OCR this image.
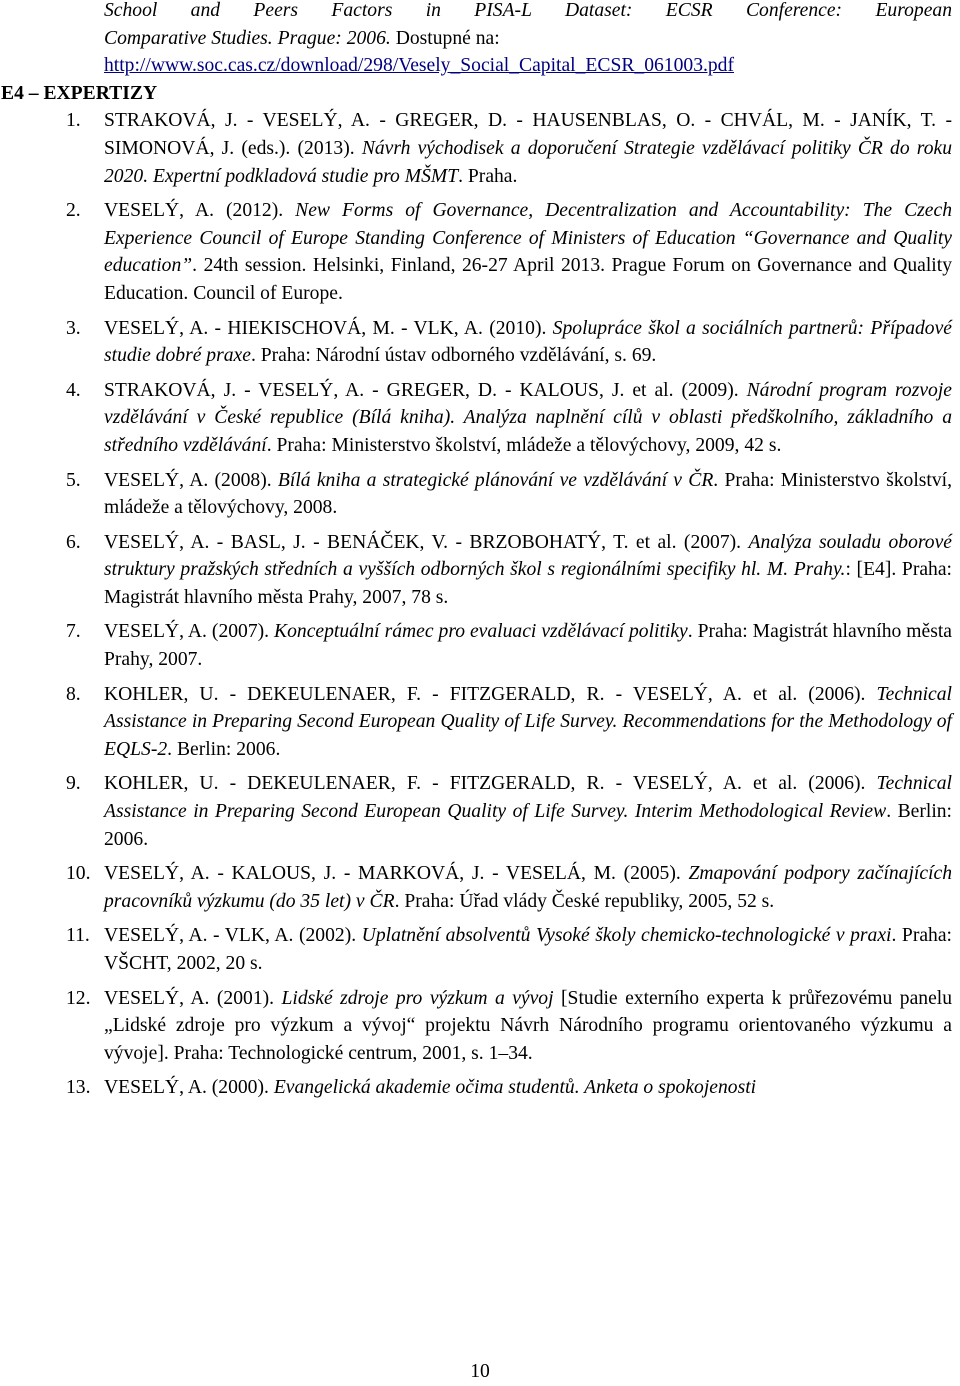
School and Peers Factors in PISA-L Dataset: ECSR Conference: European
Comparative Studies. Prague: 2006. Dostupné na:
http://www.soc.cas.cz/download/298/Vesely_Social_Capital_ECSR_061003.pdf
E4 – EXPERTIZY
1.	STRAKOVÁ, J. - VESELÝ, A. - GREGER, D. - HAUSENBLAS, O. - CHVÁL, M. - JANÍK, T. - SIMONOVÁ, J. (eds.). (2013). Návrh východisek a doporučení Strategie vzdělávací politiky ČR do roku 2020. Expertní podkladová studie pro MŠMT. Praha.
2.	VESELÝ, A. (2012). New Forms of Governance, Decentralization and Accountability: The Czech Experience Council of Europe Standing Conference of Ministers of Education “Governance and Quality education”. 24th session. Helsinki, Finland, 26-27 April 2013. Prague Forum on Governance and Quality Education. Council of Europe.
3.	VESELÝ, A. - HIEKISCHOVÁ, M. - VLK, A. (2010). Spolupráce škol a sociálních partnerů: Případové studie dobré praxe. Praha: Národní ústav odborného vzdělávání, s. 69.
4.	STRAKOVÁ, J. - VESELÝ, A. - GREGER, D. - KALOUS, J. et al. (2009). Národní program rozvoje vzdělávání v České republice (Bílá kniha). Analýza naplnění cílů v oblasti předškolního, základního a středního vzdělávání. Praha: Ministerstvo školství, mládeže a tělovýchovy, 2009, 42 s.
5.	VESELÝ, A. (2008). Bílá kniha a strategické plánování ve vzdělávání v ČR. Praha: Ministerstvo školství, mládeže a tělovýchovy, 2008.
6.	VESELÝ, A. - BASL, J. - BENÁČEK, V. - BRZOBOHATÝ, T. et al. (2007). Analýza souladu oborové struktury pražských středních a vyšších odborných škol s regionálními specifiky hl. M. Prahy.: [E4]. Praha: Magistrát hlavního města Prahy, 2007, 78 s.
7.	VESELÝ, A. (2007). Konceptuální rámec pro evaluaci vzdělávací politiky. Praha: Magistrát hlavního města Prahy, 2007.
8.	KOHLER, U. - DEKEULENAER, F. - FITZGERALD, R. - VESELÝ, A. et al. (2006). Technical Assistance in Preparing Second European Quality of Life Survey. Recommendations for the Methodology of EQLS-2. Berlin: 2006.
9.	KOHLER, U. - DEKEULENAER, F. - FITZGERALD, R. - VESELÝ, A. et al. (2006). Technical Assistance in Preparing Second European Quality of Life Survey. Interim Methodological Review. Berlin: 2006.
10. VESELÝ, A. - KALOUS, J. - MARKOVÁ, J. - VESELÁ, M. (2005). Zmapování podpory začínajících pracovníků výzkumu (do 35 let) v ČR. Praha: Úřad vlády České republiky, 2005, 52 s.
11. VESELÝ, A. - VLK, A. (2002). Uplatnění absolventů Vysoké školy chemicko-technologické v praxi. Praha: VŠCHT, 2002, 20 s.
12. VESELÝ, A. (2001). Lidské zdroje pro výzkum a vývoj [Studie externího experta k průřezovému panelu „Lidské zdroje pro výzkum a vývoj“ projektu Návrh Národního programu orientovaného výzkumu a vývoje]. Praha: Technologické centrum, 2001, s. 1–34.
13. VESELÝ, A. (2000). Evangelická akademie očima studentů. Anketa o spokojenosti
10
